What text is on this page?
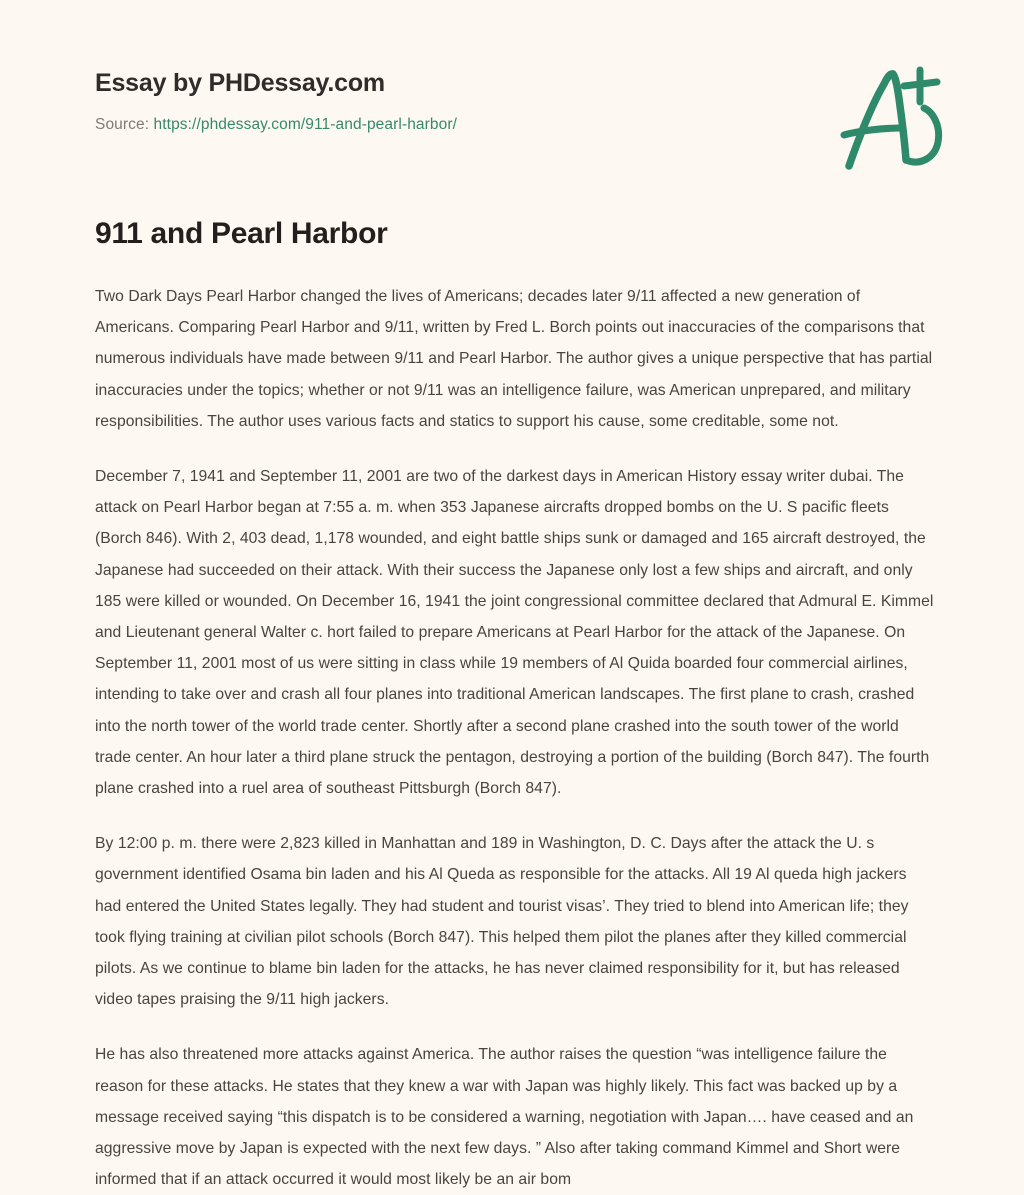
Essay by PHDessay.com
Source: https://phdessay.com/911-and-pearl-harbor/
911 and Pearl Harbor

Two Dark Days Pearl Harbor changed the lives of Americans; decades later 9/11 affected a new generation of Americans. Comparing Pearl Harbor and 9/11, written by Fred L. Borch points out inaccuracies of the comparisons that numerous individuals have made between 9/11 and Pearl Harbor. The author gives a unique perspective that has partial inaccuracies under the topics; whether or not 9/11 was an intelligence failure, was American unprepared, and military responsibilities. The author uses various facts and statics to support his cause, some creditable, some not.

December 7, 1941 and September 11, 2001 are two of the darkest days in American History essay writer dubai. The attack on Pearl Harbor began at 7:55 a. m. when 353 Japanese aircrafts dropped bombs on the U. S pacific fleets (Borch 846). With 2, 403 dead, 1,178 wounded, and eight battle ships sunk or damaged and 165 aircraft destroyed, the Japanese had succeeded on their attack. With their success the Japanese only lost a few ships and aircraft, and only 185 were killed or wounded. On December 16, 1941 the joint congressional committee declared that Admural E. Kimmel and Lieutenant general Walter c. hort failed to prepare Americans at Pearl Harbor for the attack of the Japanese. On September 11, 2001 most of us were sitting in class while 19 members of Al Quida boarded four commercial airlines, intending to take over and crash all four planes into traditional American landscapes. The first plane to crash, crashed into the north tower of the world trade center. Shortly after a second plane crashed into the south tower of the world trade center. An hour later a third plane struck the pentagon, destroying a portion of the building (Borch 847). The fourth plane crashed into a ruel area of southeast Pittsburgh (Borch 847).

By 12:00 p. m. there were 2,823 killed in Manhattan and 189 in Washington, D. C. Days after the attack the U. s government identified Osama bin laden and his Al Queda as responsible for the attacks. All 19 Al queda high jackers had entered the United States legally. They had student and tourist visas’. They tried to blend into American life; they took flying training at civilian pilot schools (Borch 847). This helped them pilot the planes after they killed commercial pilots. As we continue to blame bin laden for the attacks, he has never claimed responsibility for it, but has released video tapes praising the 9/11 high jackers.

He has also threatened more attacks against America. The author raises the question “was intelligence failure the reason for these attacks. He states that they knew a war with Japan was highly likely. This fact was backed up by a message received saying “this dispatch is to be considered a warning, negotiation with Japan…. have ceased and an aggressive move by Japan is expected with the next few days. ” Also after taking command Kimmel and Short were informed that if an attack occurred it would most likely be an air bom
